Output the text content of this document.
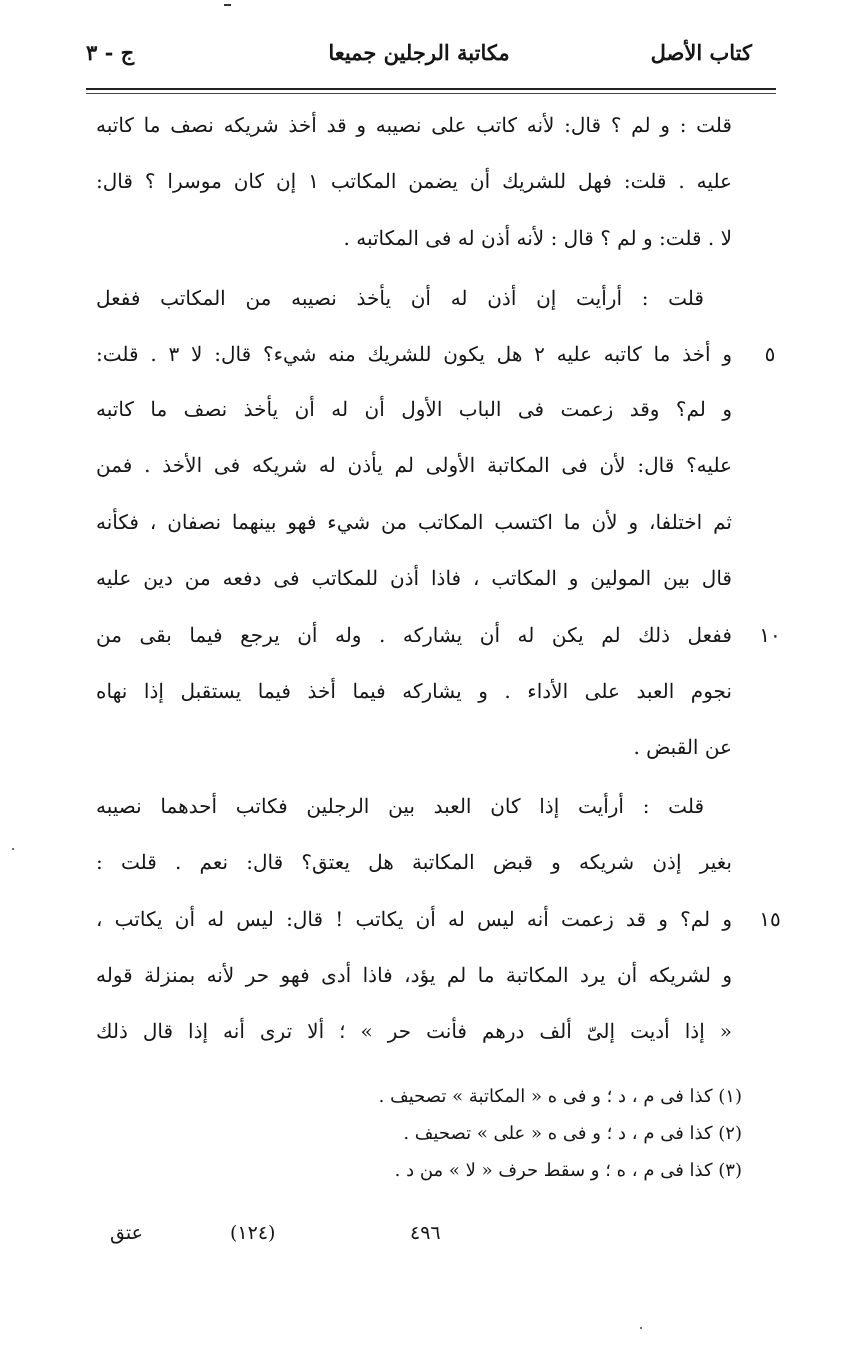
كتاب الأصل
مكاتبة الرجلين جميعا
ج - ٣
قلت : و لم ؟ قال: لأنه كاتب على نصيبه و قد أخذ شريكه نصف ما كاتبه
عليه . قلت: فهل للشريك أن يضمن المكاتب ١ إن كان موسرا ؟ قال:
لا . قلت: و لم ؟ قال : لأنه أذن له فى المكاتبه .
قلت : أرأيت إن أذن له أن يأخذ نصيبه من المكاتب ففعل
و أخذ ما كاتبه عليه ٢ هل يكون للشريك منه شيء؟ قال: لا ٣ . قلت:
و لم؟ وقد زعمت فى الباب الأول أن له أن يأخذ نصف ما كاتبه
عليه؟ قال: لأن فى المكاتبة الأولى لم يأذن له شريكه فى الأخذ . فمن
ثم اختلفا، و لأن ما اكتسب المكاتب من شيء فهو بينهما نصفان ، فكأنه
قال بين المولين و المكاتب ، فاذا أذن للمكاتب فى دفعه من دين عليه
ففعل ذلك لم يكن له أن يشاركه . وله أن يرجع فيما بقى من
نجوم العبد على الأداء . و يشاركه فيما أخذ فيما يستقبل إذا نهاه
عن القبض .
قلت : أرأيت إذا كان العبد بين الرجلين فكاتب أحدهما نصيبه
بغير إذن شريكه و قبض المكاتبة هل يعتق؟ قال: نعم . قلت :
و لم؟ و قد زعمت أنه ليس له أن يكاتب ! قال: ليس له أن يكاتب ،
و لشريكه أن يرد المكاتبة ما لم يؤد، فاذا أدى فهو حر لأنه بمنزلة قوله
« إذا أديت إلىّ ألف درهم فأنت حر » ؛ ألا ترى أنه إذا قال ذلك
٥
١٠
١٥
(١) كذا فى م ، د ؛ و فى ه « المكاتبة » تصحيف .
(٢) كذا فى م ، د ؛ و فى ه « على » تصحيف .
(٣) كذا فى م ، ه ؛ و سقط حرف « لا » من د .
عتق	(١٢٤)	٤٩٦
